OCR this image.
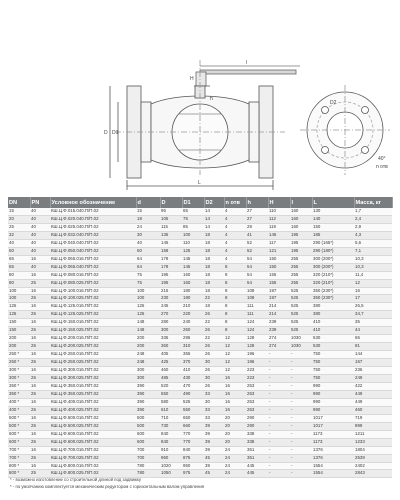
L
l
D D1
H
h
40°
n отв
D2
DN	PN	Условное обозначение	d	D	D1	D2	n отв	h	H	l	L	Масса, кг
15	40	КШ.Ц.Ф.015.040.П/П.02	15	95	65	14	4	27	110	160	130	1,7
20	40	КШ.Ц.Ф.020.040.П/П.02	18	105	75	14	4	27	112	160	140	2,4
25	40	КШ.Ц.Ф.025.040.П/П.02	24	115	85	14	4	29	119	160	150	2,9
32	40	КШ.Ц.Ф.032.040.П/П.02	30	135	100	18	4	41	146	195	185	4,3
40	40	КШ.Ц.Ф.040.040.П/П.02	40	145	110	18	4	52	117	195	290 (165*)	5,6
50	40	КШ.Ц.Ф.050.040.П/П.02	50	158	125	18	4	52	121	195	290 (180*)	7,1
65	16	КШ.Ц.Ф.065.016.П/П.02	64	178	145	18	4	54	150	255	300 (200*)	10,3
65	40	КШ.Ц.Ф.065.040.П/П.02	64	178	145	18	8	54	150	255	300 (200*)	10,3
80	16	КШ.Ц.Ф.080.016.П/П.02	75	195	160	18	8	54	155	255	320 (210*)	11,4
80	25	КШ.Ц.Ф.080.025.П/П.02	75	195	160	18	8	54	155	255	320 (210*)	12
100	16	КШ.Ц.Ф.100.016.П/П.02	100	215	180	18	8	108	197	525	350 (230*)	16
100	25	КШ.Ц.Ф.100.025.П/П.02	100	230	190	22	8	108	197	525	350 (230*)	17
125	16	КШ.Ц.Ф.125.016.П/П.02	125	245	210	18	8	111	214	525	380	26,5
125	25	КШ.Ц.Ф.125.025.П/П.02	125	270	220	26	8	111	214	525	380	34,7
150	16	КШ.Ц.Ф.150.016.П/П.02	148	280	240	22	8	124	239	525	410	35
150	25	КШ.Ц.Ф.150.025.П/П.02	148	300	250	26	8	124	239	525	410	44
200	16	КШ.Ц.Ф.200.016.П/П.02	200	335	295	22	12	128	274	1030	530	65
200	25	КШ.Ц.Ф.200.025.П/П.02	200	360	310	26	12	128	274	1030	530	81
250 *	16	КШ.Ц.Ф.250.016.П/П.02	248	405	355	26	12	196	-	-	750	144
250 *	25	КШ.Ц.Ф.250.025.П/П.02	248	425	370	30	12	196	-	-	750	167
300 *	16	КШ.Ц.Ф.300.016.П/П.02	300	460	410	26	12	223	-	-	750	236
300 *	25	КШ.Ц.Ф.300.025.П/П.02	300	485	430	30	16	223	-	-	750	249
350 *	16	КШ.Ц.Ф.350.016.П/П.02	390	520	470	26	16	253	-	-	990	422
350 *	25	КШ.Ц.Ф.350.025.П/П.02	390	550	490	33	16	253	-	-	990	449
400 *	16	КШ.Ц.Ф.400.016.П/П.02	390	580	525	30	16	253	-	-	990	449
400 *	25	КШ.Ц.Ф.400.025.П/П.02	390	610	550	33	16	253	-	-	990	460
500 *	16	КШ.Ц.Ф.500.016.П/П.02	500	710	650	33	20	290	-	-	1017	719
500 *	25	КШ.Ц.Ф.500.025.П/П.02	500	730	660	39	20	290	-	-	1017	899
600 *	16	КШ.Ц.Ф.600.016.П/П.02	600	840	770	39	20	338	-	-	1173	1211
600 *	25	КШ.Ц.Ф.600.025.П/П.02	600	840	770	39	20	338	-	-	1173	1233
700 *	16	КШ.Ц.Ф.700.016.П/П.02	700	910	840	39	24	351	-	-	1376	1804
700 *	25	КШ.Ц.Ф.700.025.П/П.02	700	960	875	45	24	351	-	-	1376	2539
800 *	16	КШ.Ц.Ф.800.016.П/П.02	780	1020	950	39	24	445	-	-	1554	2402
800 *	25	КШ.Ц.Ф.800.025.П/П.02	780	1050	975	45	24	445	-	-	1554	2843
* - возможно изготовление со строительной длиной под задвижку
* - по умолчанию комплектуется механическим редуктором с горизонтальным валом управления
